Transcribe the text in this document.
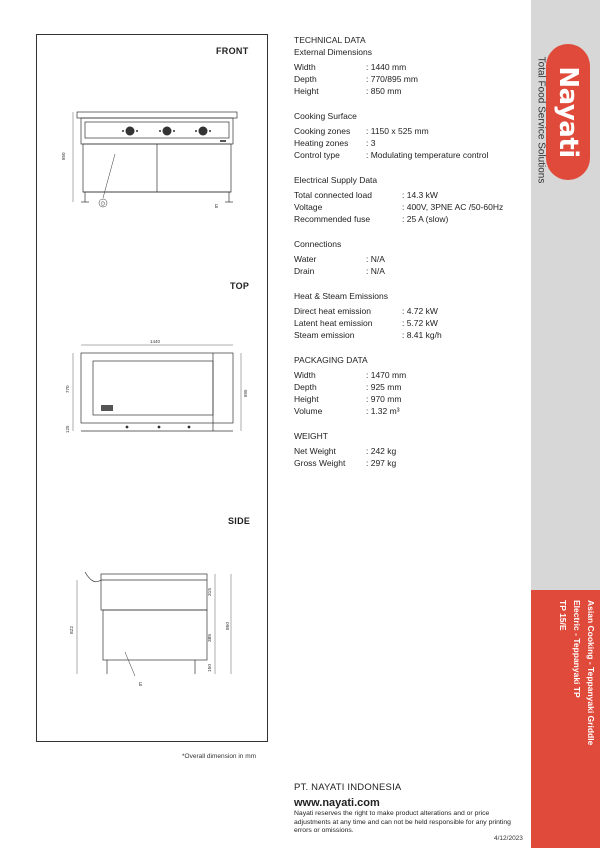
Nayati
Total Food Service Solutions
Asian Cooking - Teppanyaki Griddle
Electric - Teppanyaki TP
TP 15/E
FRONT
TOP
SIDE
D	E
850
1440
770
125
895
E
315
385
150
850
822
*Overall dimension in mm
TECHNICAL DATA
External Dimensions
Width	: 1440 mm
Depth	: 770/895 mm
Height	: 850 mm
Cooking Surface
Cooking zones	: 1150 x 525 mm
Heating zones	: 3
Control type	: Modulating temperature control
Electrical Supply Data
Total connected load	: 14.3 kW
Voltage	: 400V, 3PNE AC /50-60Hz
Recommended fuse	: 25 A (slow)
Connections
Water	: N/A
Drain	: N/A
Heat & Steam Emissions
Direct heat emission	: 4.72 kW
Latent heat emission	: 5.72 kW
Steam emission	: 8.41 kg/h
PACKAGING DATA
Width	: 1470 mm
Depth	: 925 mm
Height	: 970 mm
Volume	: 1.32 m³
WEIGHT
Net Weight	: 242 kg
Gross Weight	: 297 kg
PT. NAYATI INDONESIA
www.nayati.com
Nayati reserves the right to make product alterations and or price adjustments at any time and can not be held responsible for any printing errors or omissions.
4/12/2023
